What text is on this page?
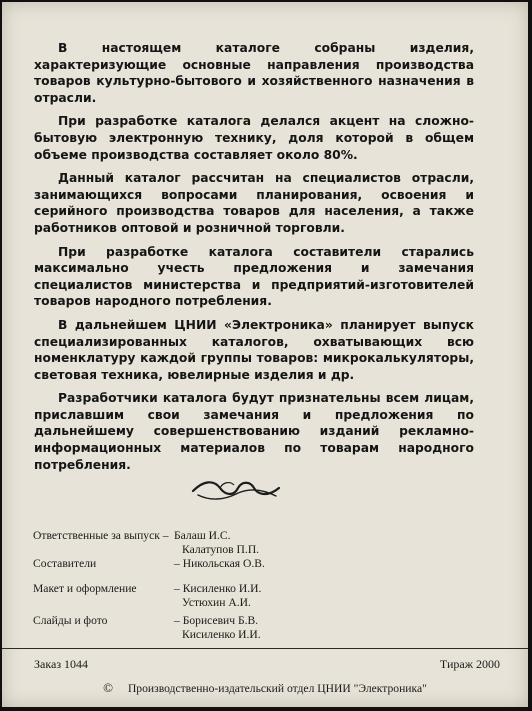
В настоящем каталоге собраны изделия, характеризующие основные направления производства товаров культурно-бытового и хозяйственного назначения в отрасли.

При разработке каталога делался акцент на сложно-бытовую электронную технику, доля которой в общем объеме производства составляет около 80%.

Данный каталог рассчитан на специалистов отрасли, занимающихся вопросами планирования, освоения и серийного производства товаров для населения, а также работников оптовой и розничной торговли.

При разработке каталога составители старались максимально учесть предложения и замечания специалистов министерства и предприятий-изготовителей товаров народного потребления.

В дальнейшем ЦНИИ «Электроника» планирует выпуск специализированных каталогов, охватывающих всю номенклатуру каждой группы товаров: микрокалькуляторы, световая техника, ювелирные изделия и др.

Разработчики каталога будут признательны всем лицам, приславшим свои замечания и предложения по дальнейшему совершенствованию изданий рекламно-информационных материалов по товарам народного потребления.

Ответственные за выпуск – Балаш И.С.
Калатупов П.П.
Составители	– Никольская О.В.
Макет и оформление	– Кисиленко И.И.
Устюхин А.И.
Слайды и фото	– Борисевич Б.В.
Кисиленко И.И.
Заказ 1044	Тираж 2000
© Производственно-издательский отдел ЦНИИ "Электроника"
